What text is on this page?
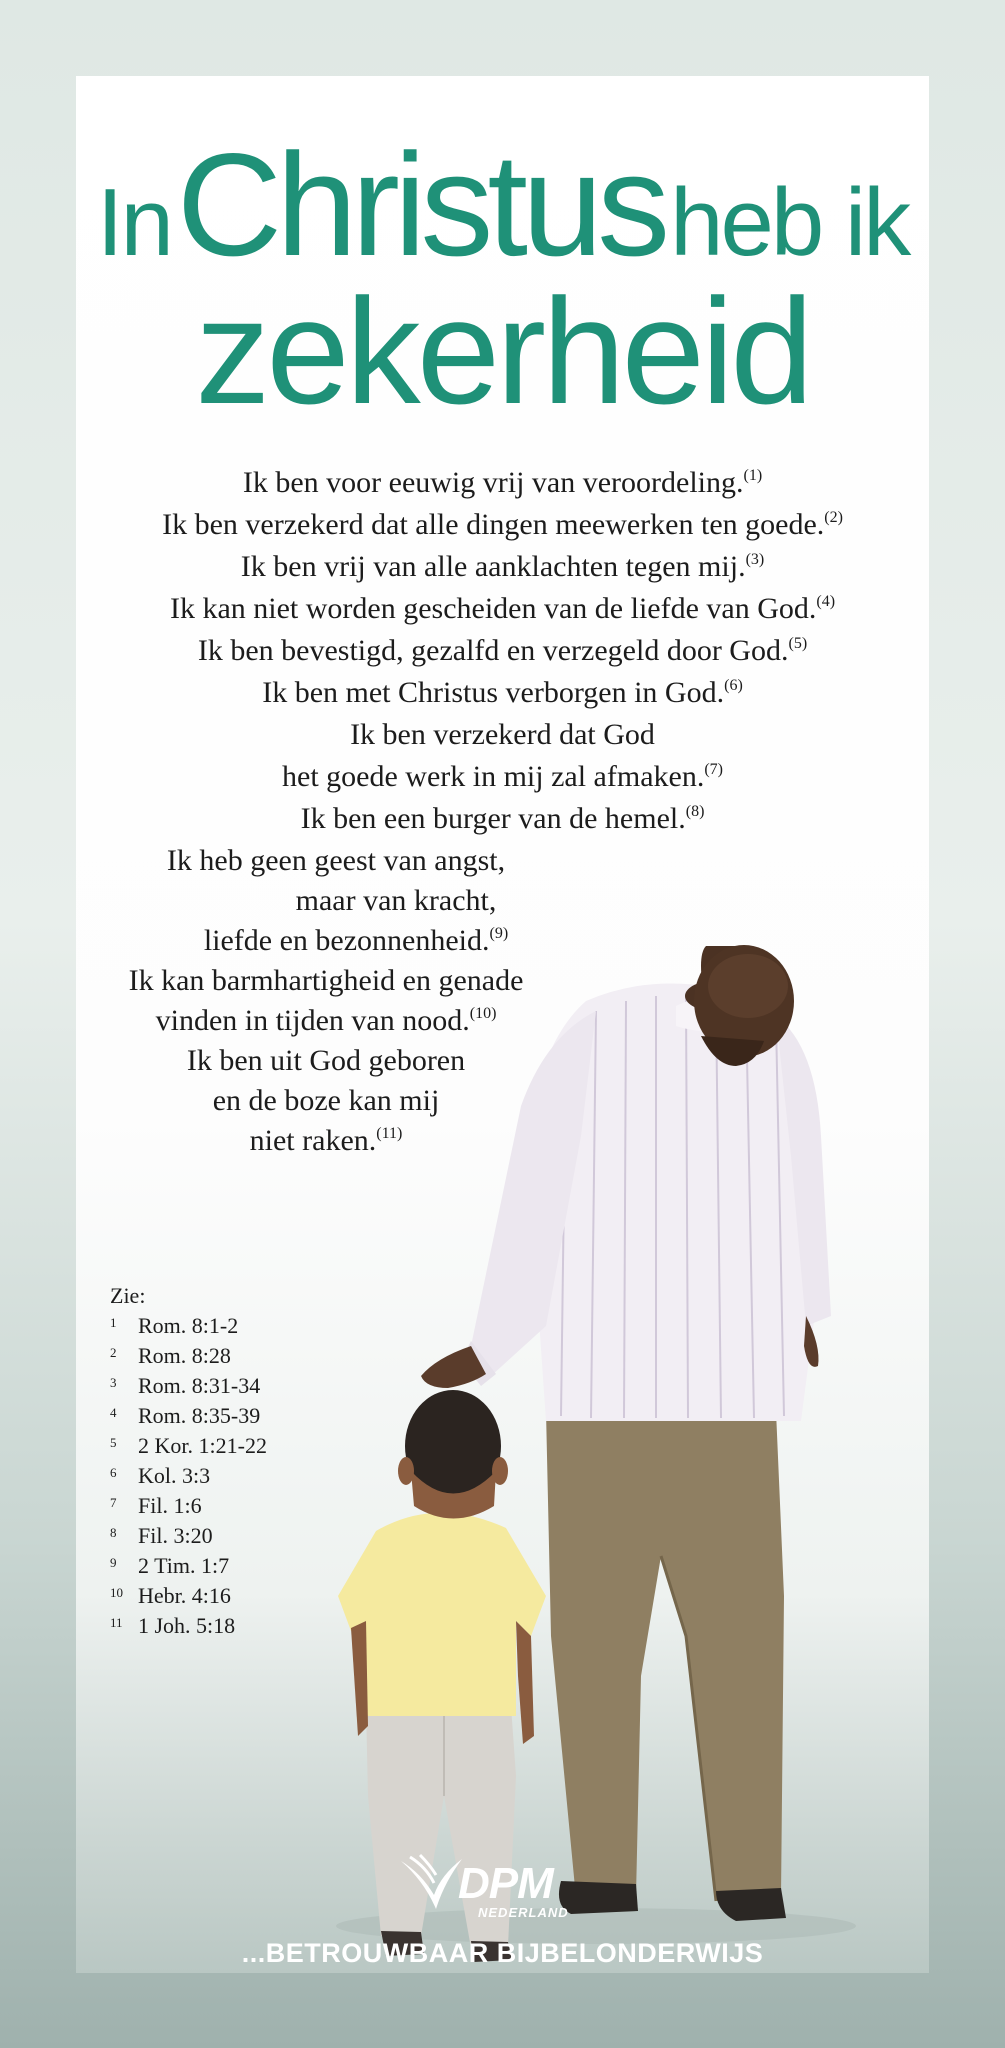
In Christus heb ik
zekerheid
Ik ben voor eeuwig vrij van veroordeling.$^{(1)}$
Ik ben verzekerd dat alle dingen meewerken ten goede.$^{(2)}$
Ik ben vrij van alle aanklachten tegen mij.$^{(3)}$
Ik kan niet worden gescheiden van de liefde van God.$^{(4)}$
Ik ben bevestigd, gezalfd en verzegeld door God.$^{(5)}$
Ik ben met Christus verborgen in God.$^{(6)}$
Ik ben verzekerd dat God
het goede werk in mij zal afmaken.$^{(7)}$
Ik ben een burger van de hemel.$^{(8)}$
Ik heb geen geest van angst,
maar van kracht,
liefde en bezonnenheid.$^{(9)}$
Ik kan barmhartigheid en genade
vinden in tijden van nood.$^{(10)}$
Ik ben uit God geboren
en de boze kan mij
niet raken.$^{(11)}$
Zie:
1 Rom. 8:1-2
2 Rom. 8:28
3 Rom. 8:31-34
4 Rom. 8:35-39
5 2 Kor. 1:21-22
6 Kol. 3:3
7 Fil. 1:6
8 Fil. 3:20
9 2 Tim. 1:7
10 Hebr. 4:16
11 1 Joh. 5:18
DPM
NEDERLAND
...BETROUWBAAR BIJBELONDERWIJS
